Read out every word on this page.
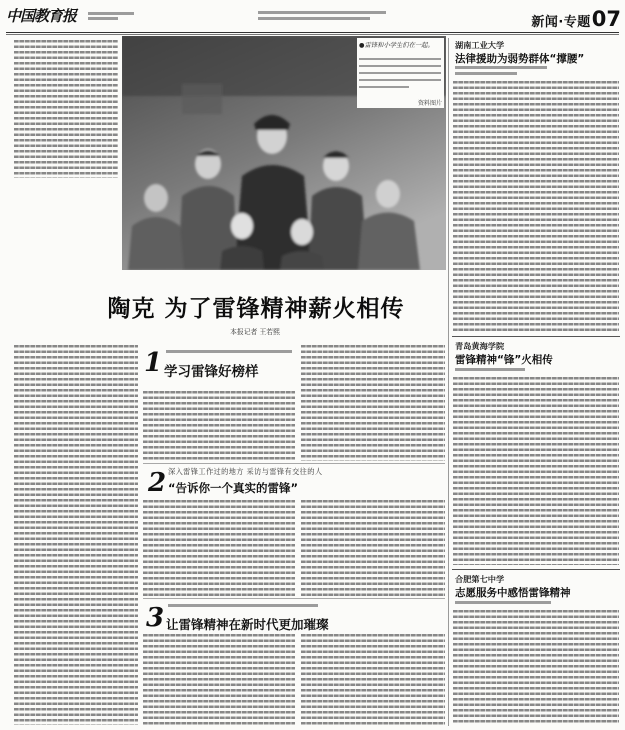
中国教育报	新闻·专题07
●雷锋和小学生们在一起。
资料图片
陶克 为了雷锋精神薪火相传
本报记者 王若熙
1 学习雷锋好榜样
2 深入雷锋工作过的地方 采访与雷锋有交往的人
“告诉你一个真实的雷锋”
3 让雷锋精神在新时代更加璀璨
湖南工业大学
法律援助为弱势群体“撑腰”
青岛黄海学院
雷锋精神“锋”火相传
合肥第七中学
志愿服务中感悟雷锋精神
